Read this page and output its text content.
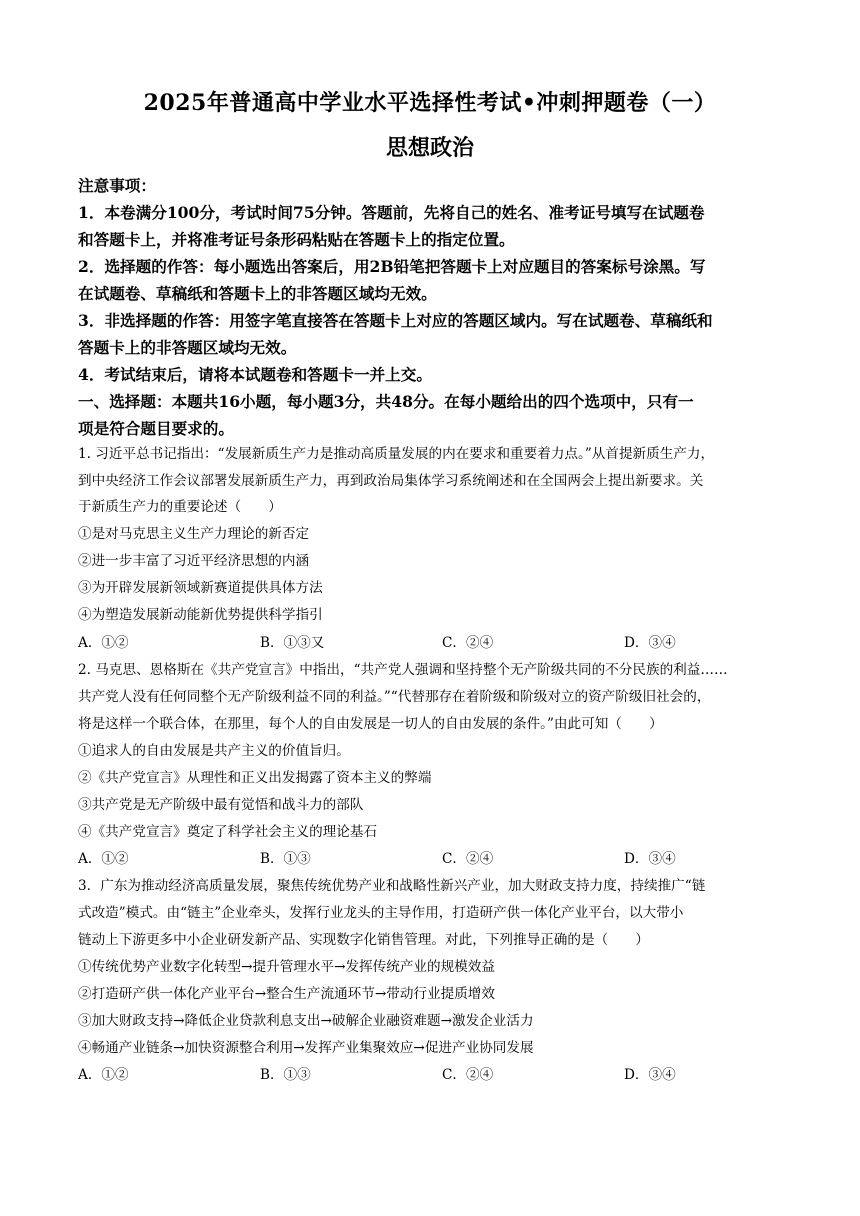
2025年普通高中学业水平选择性考试•冲刺押题卷（一）
思想政治
注意事项：
1．本卷满分100分，考试时间75分钟。答题前，先将自己的姓名、准考证号填写在试题卷
和答题卡上，并将准考证号条形码粘贴在答题卡上的指定位置。
2．选择题的作答：每小题选出答案后，用2B铅笔把答题卡上对应题目的答案标号涂黑。写
在试题卷、草稿纸和答题卡上的非答题区域均无效。
3．非选择题的作答：用签字笔直接答在答题卡上对应的答题区域内。写在试题卷、草稿纸和
答题卡上的非答题区域均无效。
4．考试结束后，请将本试题卷和答题卡一并上交。
一、选择题：本题共16小题，每小题3分，共48分。在每小题给出的四个选项中，只有一
项是符合题目要求的。
1. 习近平总书记指出：“发展新质生产力是推动高质量发展的内在要求和重要着力点。”从首提新质生产力，
到中央经济工作会议部署发展新质生产力，再到政治局集体学习系统阐述和在全国两会上提出新要求。关
于新质生产力的重要论述（　　）
①是对马克思主义生产力理论的新否定
②进一步丰富了习近平经济思想的内涵
③为开辟发展新领域新赛道提供具体方法
④为塑造发展新动能新优势提供科学指引
A．①②	B．①③又	C．②④	D．③④
2. 马克思、恩格斯在《共产党宣言》中指出，“共产党人强调和坚持整个无产阶级共同的不分民族的利益……
共产党人没有任何同整个无产阶级利益不同的利益。”“代替那存在着阶级和阶级对立的资产阶级旧社会的，
将是这样一个联合体，在那里，每个人的自由发展是一切人的自由发展的条件。”由此可知（　　）
①追求人的自由发展是共产主义的价值旨归。
②《共产党宣言》从理性和正义出发揭露了资本主义的弊端
③共产党是无产阶级中最有觉悟和战斗力的部队
④《共产党宣言》奠定了科学社会主义的理论基石
A．①②	B．①③	C．②④	D．③④
3．广东为推动经济高质量发展，聚焦传统优势产业和战略性新兴产业，加大财政支持力度，持续推广“链
式改造”模式。由“链主”企业牵头，发挥行业龙头的主导作用，打造研产供一体化产业平台，以大带小
链动上下游更多中小企业研发新产品、实现数字化销售管理。对此，下列推导正确的是（　　）
①传统优势产业数字化转型→提升管理水平→发挥传统产业的规模效益
②打造研产供一体化产业平台→整合生产流通环节→带动行业提质增效
③加大财政支持→降低企业贷款利息支出→破解企业融资难题→激发企业活力
④畅通产业链条→加快资源整合利用→发挥产业集聚效应→促进产业协同发展
A．①②	B．①③	C．②④	D．③④
